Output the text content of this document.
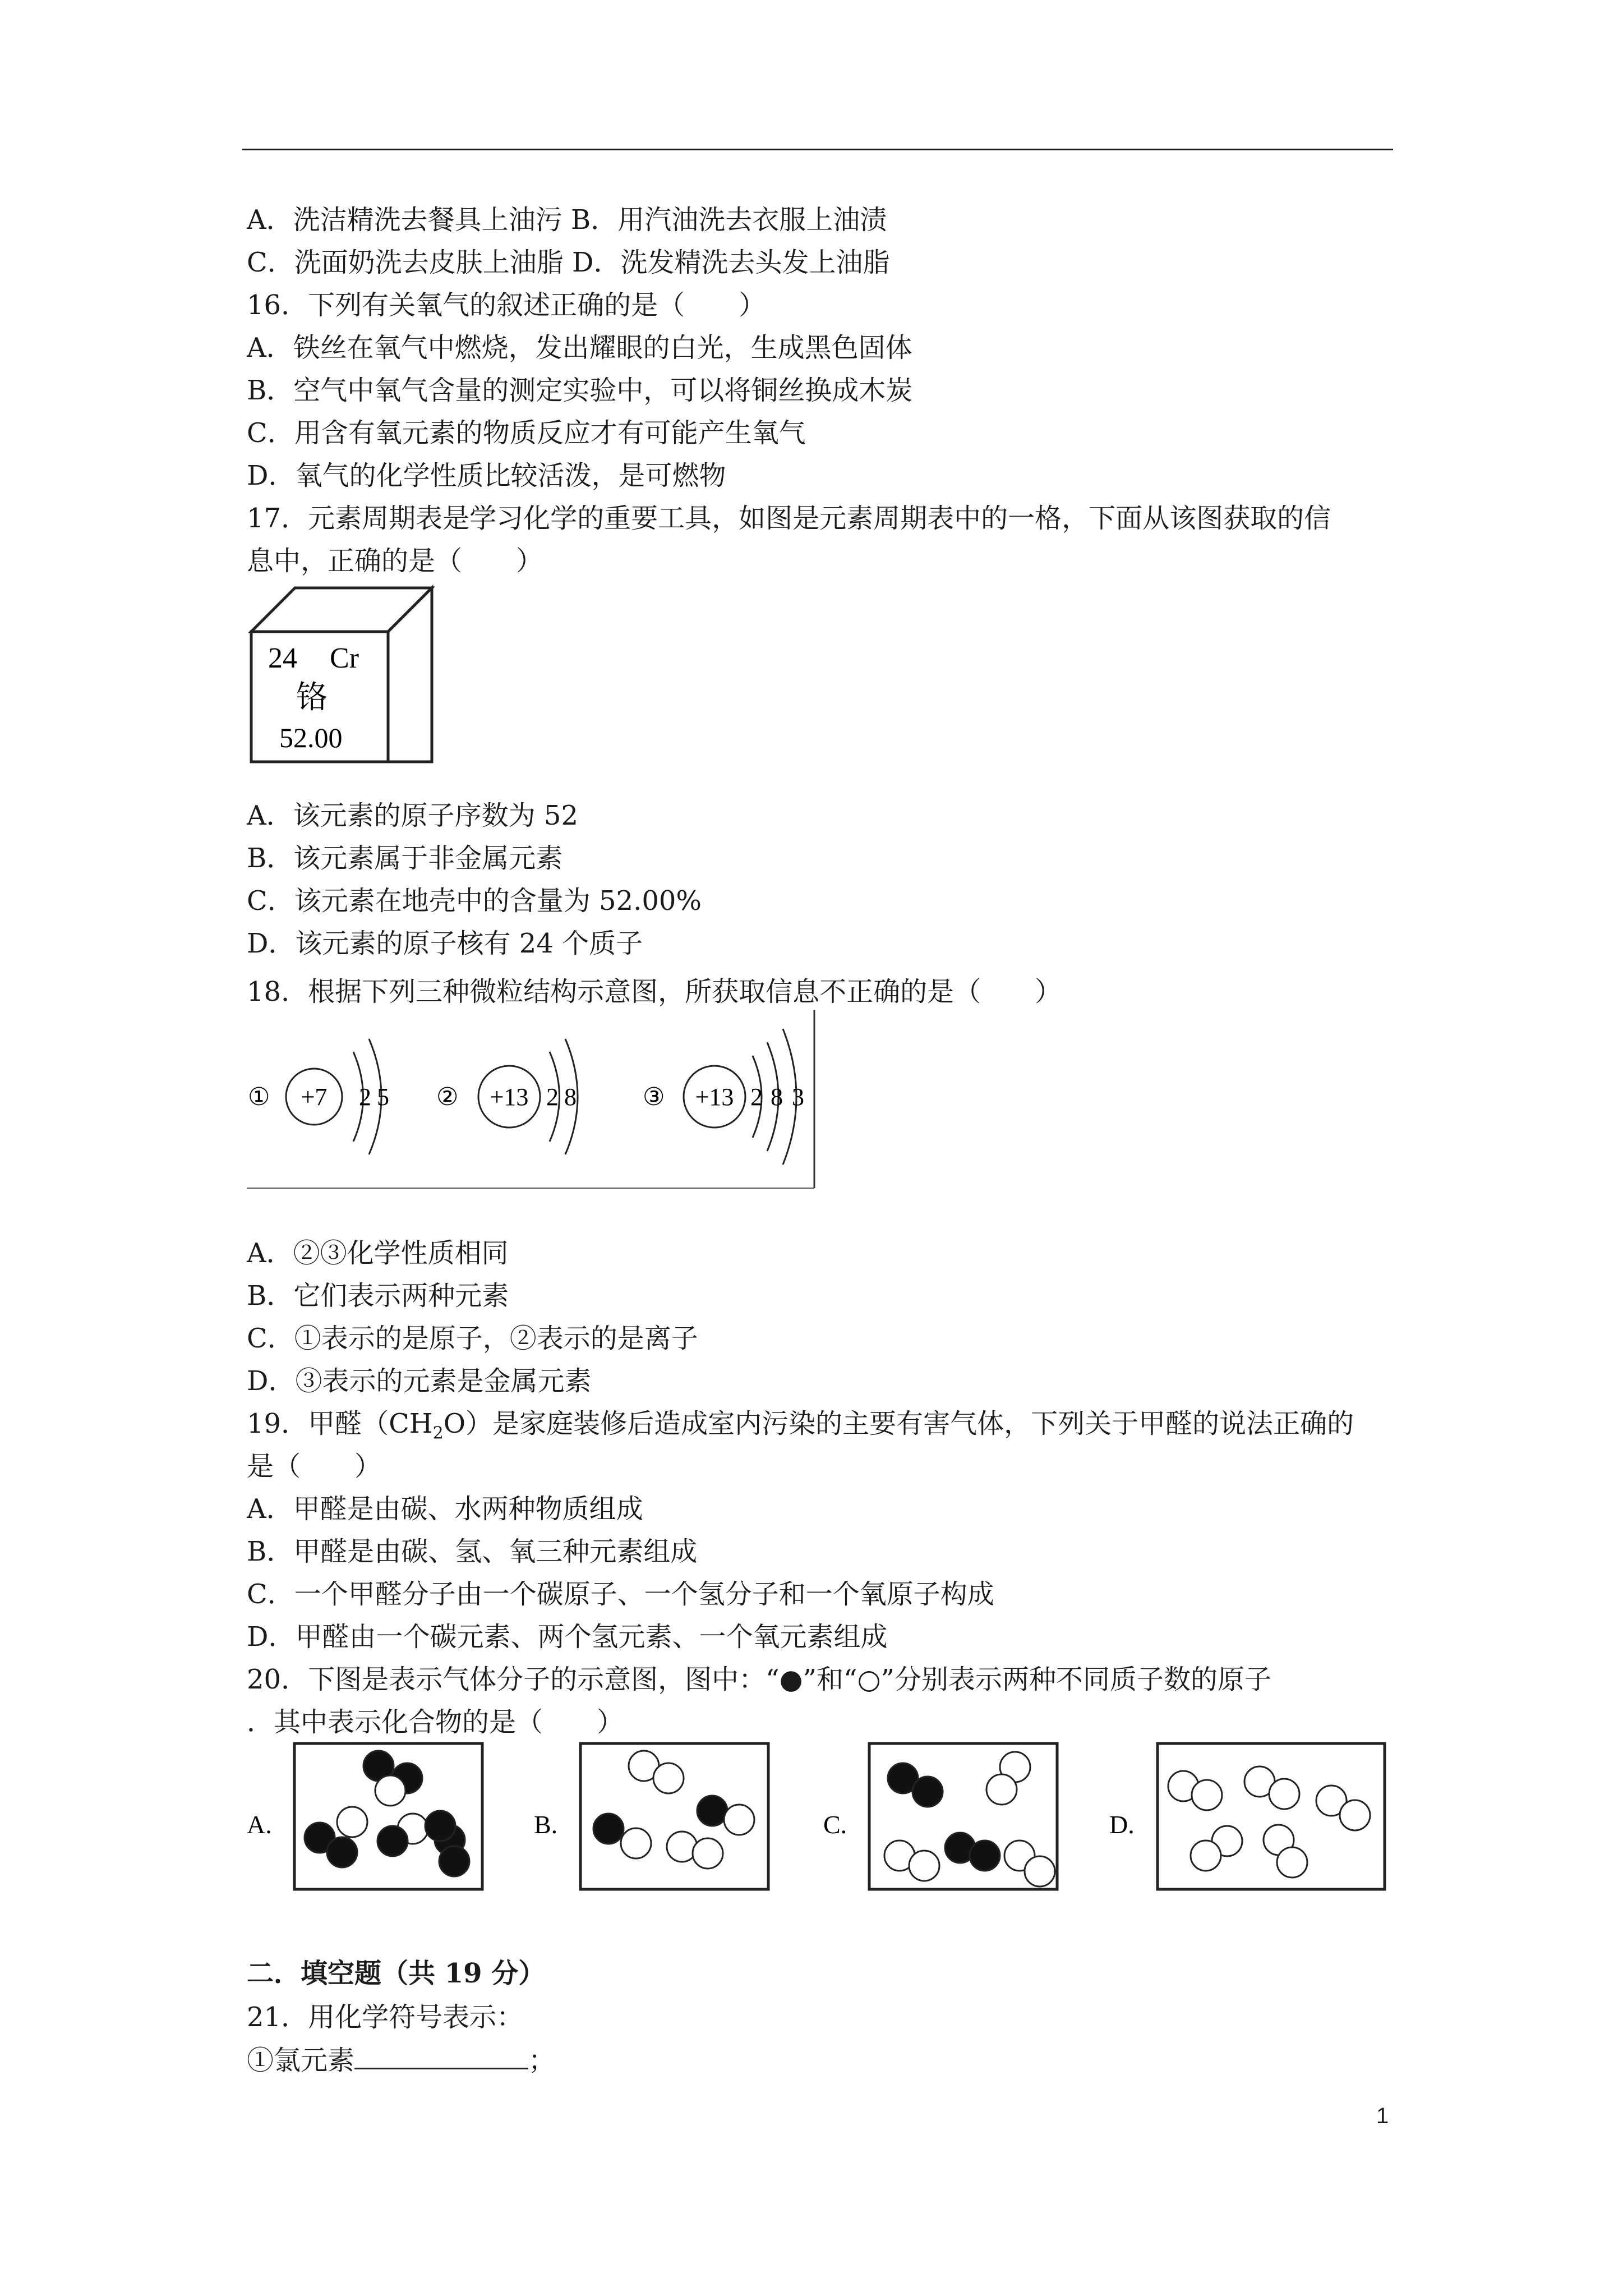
A．洗洁精洗去餐具上油污 B．用汽油洗去衣服上油渍
C．洗面奶洗去皮肤上油脂 D．洗发精洗去头发上油脂
16．下列有关氧气的叙述正确的是（　　）
A．铁丝在氧气中燃烧，发出耀眼的白光，生成黑色固体
B．空气中氧气含量的测定实验中，可以将铜丝换成木炭
C．用含有氧元素的物质反应才有可能产生氧气
D．氧气的化学性质比较活泼，是可燃物
17．元素周期表是学习化学的重要工具，如图是元素周期表中的一格，下面从该图获取的信
息中，正确的是（　　）
24 Cr
铬
52.00
A．该元素的原子序数为 52
B．该元素属于非金属元素
C．该元素在地壳中的含量为 52.00%
D．该元素的原子核有 24 个质子
18．根据下列三种微粒结构示意图，所获取信息不正确的是（　　）
① +7 2 5 ② +13 2 8	③ +13 2 8 3
A．②③化学性质相同
B．它们表示两种元素
C．①表示的是原子，②表示的是离子
D．③表示的元素是金属元素
19．甲醛$(CH_2O)$是家庭装修后造成室内污染的主要有害气体，下列关于甲醛的说法正确的
是（　　）
A．甲醛是由碳、水两种物质组成
B．甲醛是由碳、氢、氧三种元素组成
C．一个甲醛分子由一个碳原子、一个氢分子和一个氧原子构成
D．甲醛由一个碳元素、两个氢元素、一个氧元素组成
20．下图是表示气体分子的示意图，图中：“●”和“○”分别表示两种不同质子数的原子
．其中表示化合物的是（　　）
A.	B.	C.	D.
二．填空题（共 19 分）
21．用化学符号表示：
①氯元素	；
1
